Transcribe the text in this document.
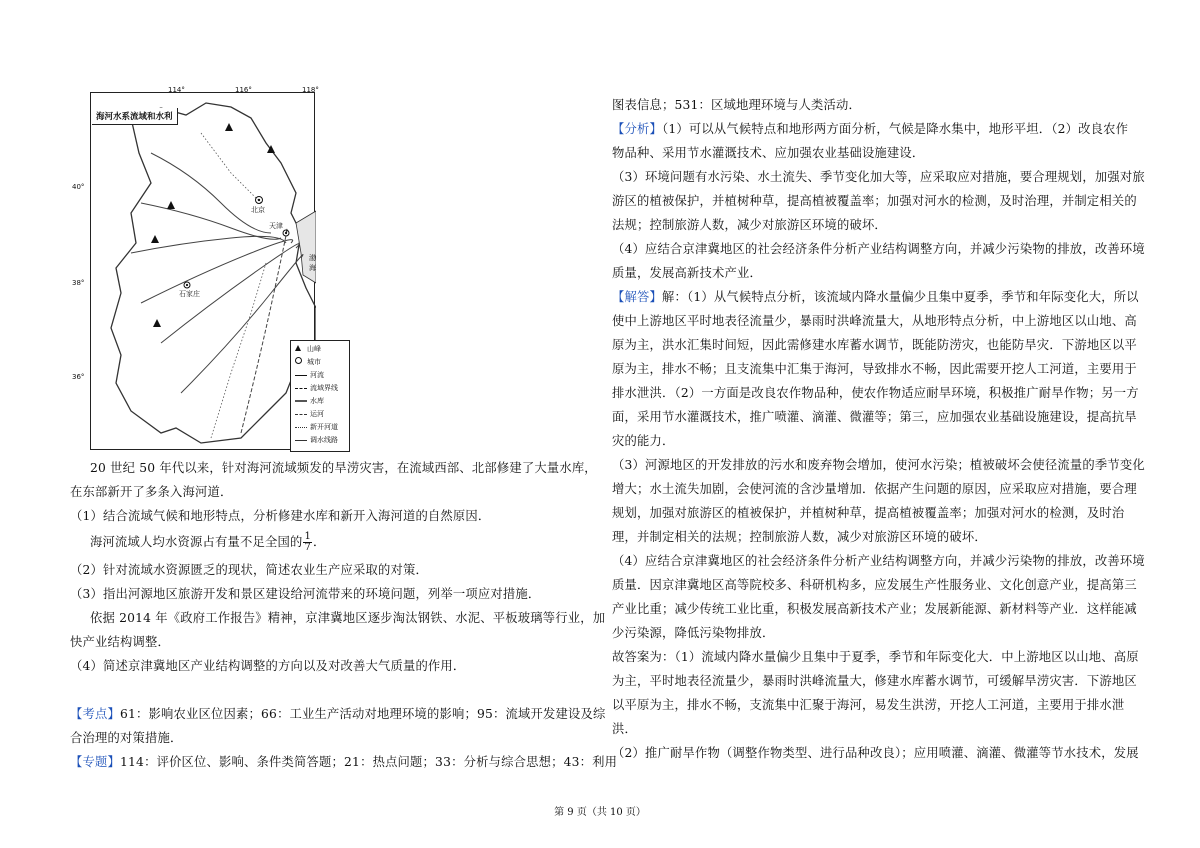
海河水系流域和水利
北京
天津
石家庄
渤 海
114°	116°	118°
40°
38°
36°
山峰
城市
河流
流域界线
水库
运河
新开河道
调水线路
20 世纪 50 年代以来，针对海河流域频发的旱涝灾害，在流域西部、北部修建了大量水库，
在东部新开了多条入海河道．
（1）结合流域气候和地形特点，分析修建水库和新开入海河道的自然原因．
海河流域人均水资源占有量不足全国的 $\frac{1}{7}$ ．
（2）针对流域水资源匮乏的现状，简述农业生产应采取的对策．
（3）指出河源地区旅游开发和景区建设给河流带来的环境问题，列举一项应对措施．
依据 2014 年《政府工作报告》精神，京津冀地区逐步淘汰钢铁、水泥、平板玻璃等行业，加
快产业结构调整．
（4）简述京津冀地区产业结构调整的方向以及对改善大气质量的作用．
【考点】61：影响农业区位因素；66：工业生产活动对地理环境的影响；95：流域开发建设及综
合治理的对策措施．
【专题】114：评价区位、影响、条件类简答题；21：热点问题；33：分析与综合思想；43：利用
图表信息；531：区域地理环境与人类活动．
【分析】（1）可以从气候特点和地形两方面分析，气候是降水集中，地形平坦．（2）改良农作
物品种、采用节水灌溉技术、应加强农业基础设施建设．
（3）环境问题有水污染、水土流失、季节变化加大等，应采取应对措施，要合理规划，加强对旅
游区的植被保护，并植树种草，提高植被覆盖率；加强对河水的检测，及时治理，并制定相关的
法规；控制旅游人数，减少对旅游区环境的破坏．
（4）应结合京津冀地区的社会经济条件分析产业结构调整方向，并减少污染物的排放，改善环境
质量，发展高新技术产业．
【解答】解：（1）从气候特点分析，该流域内降水量偏少且集中夏季，季节和年际变化大，所以
使中上游地区平时地表径流量少，暴雨时洪峰流量大，从地形特点分析，中上游地区以山地、高
原为主，洪水汇集时间短，因此需修建水库蓄水调节，既能防涝灾，也能防旱灾．下游地区以平
原为主，排水不畅；且支流集中汇集于海河，导致排水不畅，因此需要开挖人工河道，主要用于
排水泄洪．（2）一方面是改良农作物品种，使农作物适应耐旱环境，积极推广耐旱作物；另一方
面，采用节水灌溉技术，推广喷灌、滴灌、微灌等；第三，应加强农业基础设施建设，提高抗旱
灾的能力．
（3）河源地区的开发排放的污水和废弃物会增加，使河水污染；植被破坏会使径流量的季节变化
增大；水土流失加剧，会使河流的含沙量增加．依据产生问题的原因，应采取应对措施，要合理
规划，加强对旅游区的植被保护，并植树种草，提高植被覆盖率；加强对河水的检测，及时治
理，并制定相关的法规；控制旅游人数，减少对旅游区环境的破坏．
（4）应结合京津冀地区的社会经济条件分析产业结构调整方向，并减少污染物的排放，改善环境
质量．因京津冀地区高等院校多、科研机构多，应发展生产性服务业、文化创意产业，提高第三
产业比重；减少传统工业比重，积极发展高新技术产业；发展新能源、新材料等产业．这样能减
少污染源，降低污染物排放．
故答案为：（1）流域内降水量偏少且集中于夏季，季节和年际变化大．中上游地区以山地、高原
为主，平时地表径流量少，暴雨时洪峰流量大，修建水库蓄水调节，可缓解旱涝灾害．下游地区
以平原为主，排水不畅，支流集中汇聚于海河，易发生洪涝，开挖人工河道，主要用于排水泄
洪．
（2）推广耐旱作物（调整作物类型、进行品种改良）；应用喷灌、滴灌、微灌等节水技术，发展
第 9 页（共 10 页）
